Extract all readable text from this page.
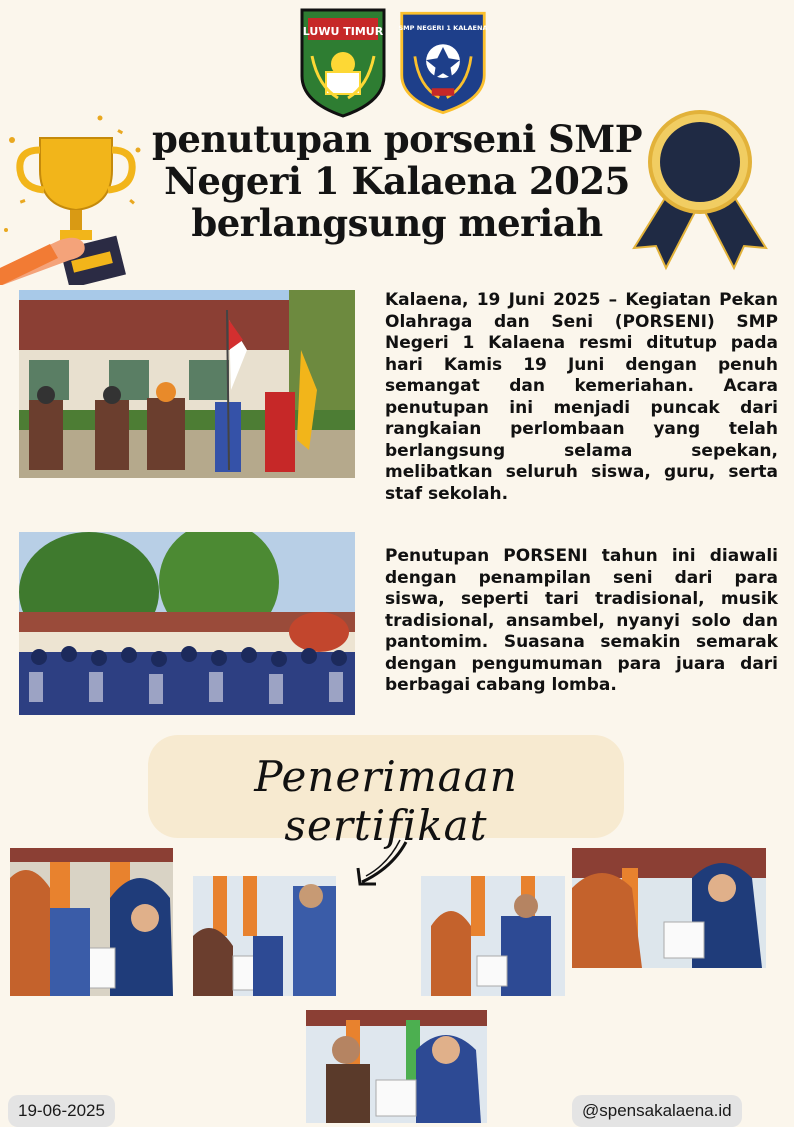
LUWU TIMUR SMP NEGERI 1 KALAENA
penutupan porseni SMP
Negeri 1 Kalaena 2025
berlangsung meriah
Kalaena, 19 Juni 2025 – Kegiatan Pekan Olahraga dan Seni (PORSENI) SMP Negeri 1 Kalaena resmi ditutup pada hari Kamis 19 Juni dengan penuh semangat dan kemeriahan. Acara penutupan ini menjadi puncak dari rangkaian perlombaan yang telah berlangsung selama sepekan, melibatkan seluruh siswa, guru, serta staf sekolah.
Penutupan PORSENI tahun ini diawali dengan penampilan seni dari para siswa, seperti tari tradisional, musik tradisional, ansambel, nyanyi solo dan pantomim. Suasana semakin semarak dengan pengumuman para juara dari berbagai cabang lomba.
Penerimaan sertifikat
19-06-2025	@spensakalaena.id
